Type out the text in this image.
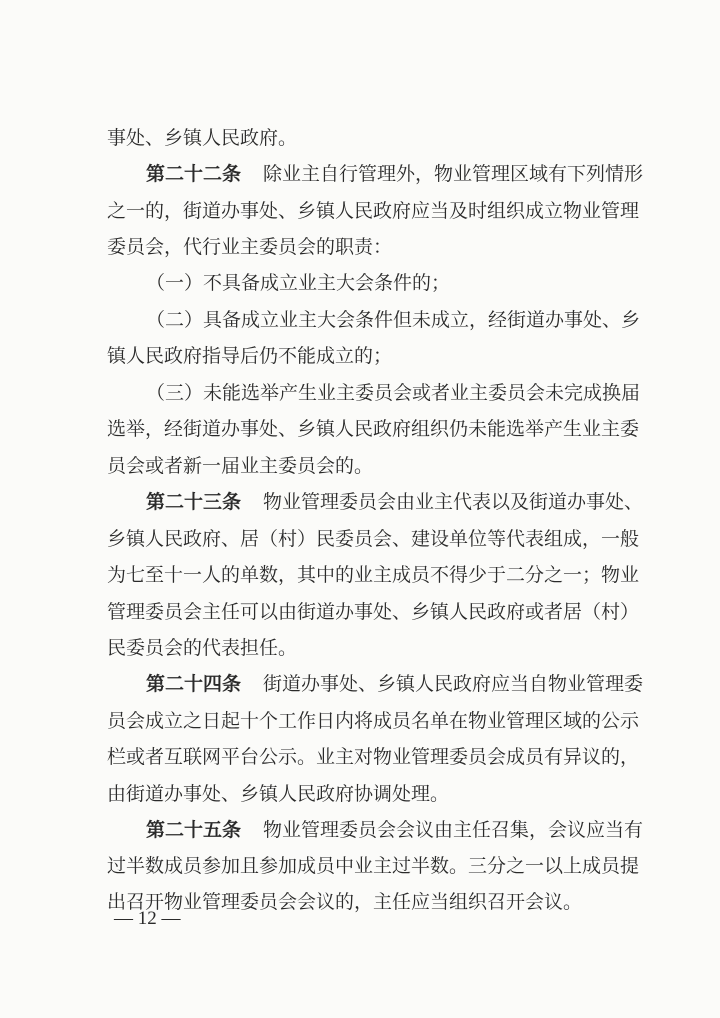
事处、乡镇人民政府。
第二十二条 除业主自行管理外，物业管理区域有下列情形
之一的，街道办事处、乡镇人民政府应当及时组织成立物业管理
委员会，代行业主委员会的职责：
（一）不具备成立业主大会条件的；
（二）具备成立业主大会条件但未成立，经街道办事处、乡
镇人民政府指导后仍不能成立的；
（三）未能选举产生业主委员会或者业主委员会未完成换届
选举，经街道办事处、乡镇人民政府组织仍未能选举产生业主委
员会或者新一届业主委员会的。
第二十三条 物业管理委员会由业主代表以及街道办事处、
乡镇人民政府、居（村）民委员会、建设单位等代表组成，一般
为七至十一人的单数，其中的业主成员不得少于二分之一；物业
管理委员会主任可以由街道办事处、乡镇人民政府或者居（村）
民委员会的代表担任。
第二十四条 街道办事处、乡镇人民政府应当自物业管理委
员会成立之日起十个工作日内将成员名单在物业管理区域的公示
栏或者互联网平台公示。业主对物业管理委员会成员有异议的，
由街道办事处、乡镇人民政府协调处理。
第二十五条 物业管理委员会会议由主任召集，会议应当有
过半数成员参加且参加成员中业主过半数。三分之一以上成员提
出召开物业管理委员会会议的，主任应当组织召开会议。
— 12 —
